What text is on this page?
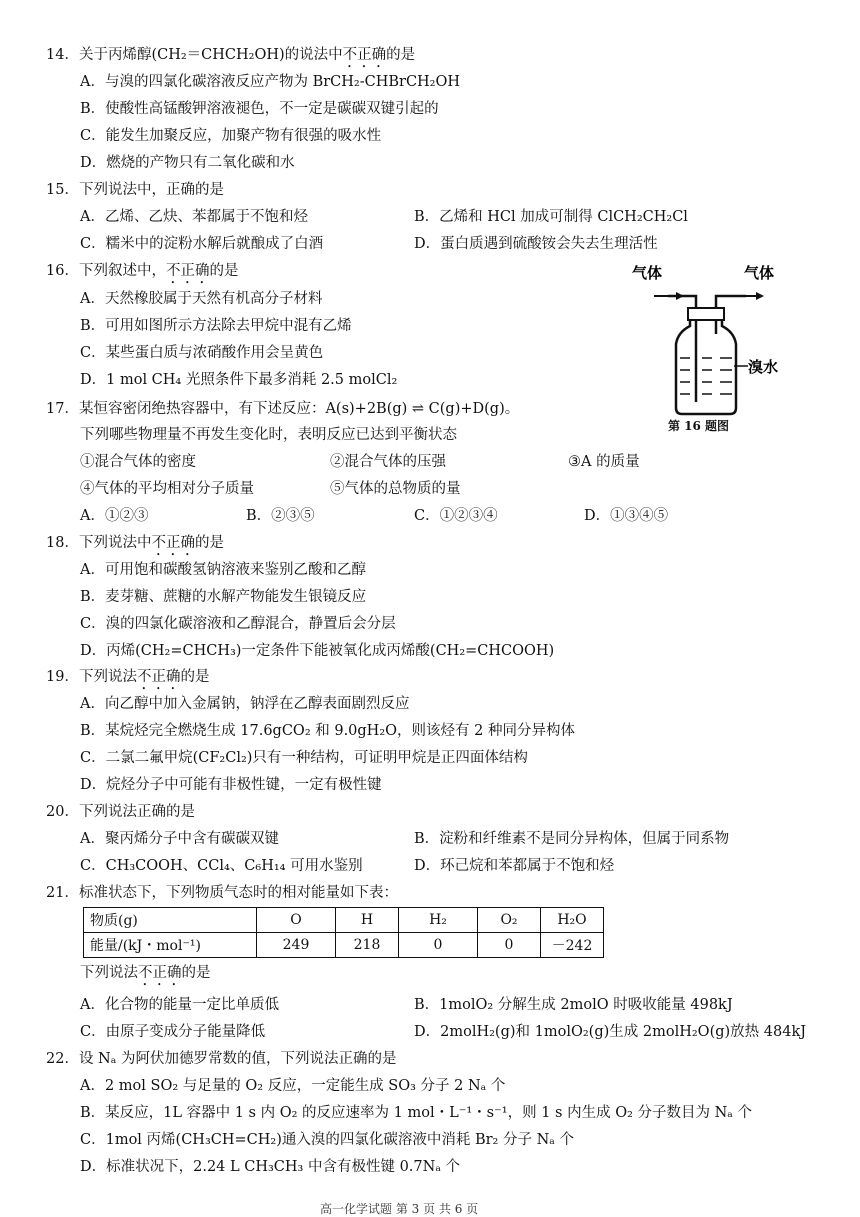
14．关于丙烯醇(CH₂＝CHCH₂OH)的说法中不正确的是
A．与溴的四氯化碳溶液反应产物为 BrCH₂-CHBrCH₂OH
B．使酸性高锰酸钾溶液褪色，不一定是碳碳双键引起的
C．能发生加聚反应，加聚产物有很强的吸水性
D．燃烧的产物只有二氧化碳和水
15．下列说法中，正确的是
A．乙烯、乙炔、苯都属于不饱和烃	B．乙烯和 HCl 加成可制得 ClCH₂CH₂Cl
C．糯米中的淀粉水解后就酿成了白酒	D．蛋白质遇到硫酸铵会失去生理活性
16．下列叙述中，不正确的是
A．天然橡胶属于天然有机高分子材料
B．可用如图所示方法除去甲烷中混有乙烯
C．某些蛋白质与浓硝酸作用会呈黄色
D．1 mol CH₄ 光照条件下最多消耗 2.5 molCl₂
气体	气体
溴水
第 16 题图
17．某恒容密闭绝热容器中，有下述反应：A(s)+2B(g) ⇌ C(g)+D(g)。
下列哪些物理量不再发生变化时，表明反应已达到平衡状态
①混合气体的密度	②混合气体的压强	③A 的质量
④气体的平均相对分子质量	⑤气体的总物质的量
A．①②③	B．②③⑤	C．①②③④	D．①③④⑤
18．下列说法中不正确的是
A．可用饱和碳酸氢钠溶液来鉴别乙酸和乙醇
B．麦芽糖、蔗糖的水解产物能发生银镜反应
C．溴的四氯化碳溶液和乙醇混合，静置后会分层
D．丙烯(CH₂=CHCH₃)一定条件下能被氧化成丙烯酸(CH₂=CHCOOH)
19．下列说法不正确的是
A．向乙醇中加入金属钠，钠浮在乙醇表面剧烈反应
B．某烷烃完全燃烧生成 17.6gCO₂ 和 9.0gH₂O，则该烃有 2 种同分异构体
C．二氯二氟甲烷(CF₂Cl₂)只有一种结构，可证明甲烷是正四面体结构
D．烷烃分子中可能有非极性键，一定有极性键
20．下列说法正确的是
A．聚丙烯分子中含有碳碳双键	B．淀粉和纤维素不是同分异构体，但属于同系物
C．CH₃COOH、CCl₄、C₆H₁₄ 可用水鉴别	D．环己烷和苯都属于不饱和烃
21．标准状态下，下列物质气态时的相对能量如下表：
物质(g)	O	H	H₂	O₂	H₂O
能量/(kJ・mol⁻¹)	249	218	0	0	－242
下列说法不正确的是
A．化合物的能量一定比单质低	B．1molO₂ 分解生成 2molO 时吸收能量 498kJ
C．由原子变成分子能量降低	D．2molH₂(g)和 1molO₂(g)生成 2molH₂O(g)放热 484kJ
22．设 Nₐ 为阿伏加德罗常数的值，下列说法正确的是
A．2 mol SO₂ 与足量的 O₂ 反应，一定能生成 SO₃ 分子 2 Nₐ 个
B．某反应，1L 容器中 1 s 内 O₂ 的反应速率为 1 mol・L⁻¹・s⁻¹，则 1 s 内生成 O₂ 分子数目为 Nₐ 个
C．1mol 丙烯(CH₃CH=CH₂)通入溴的四氯化碳溶液中消耗 Br₂ 分子 Nₐ 个
D．标准状况下，2.24 L CH₃CH₃ 中含有极性键 0.7Nₐ 个
高一化学试题 第 3 页 共 6 页
